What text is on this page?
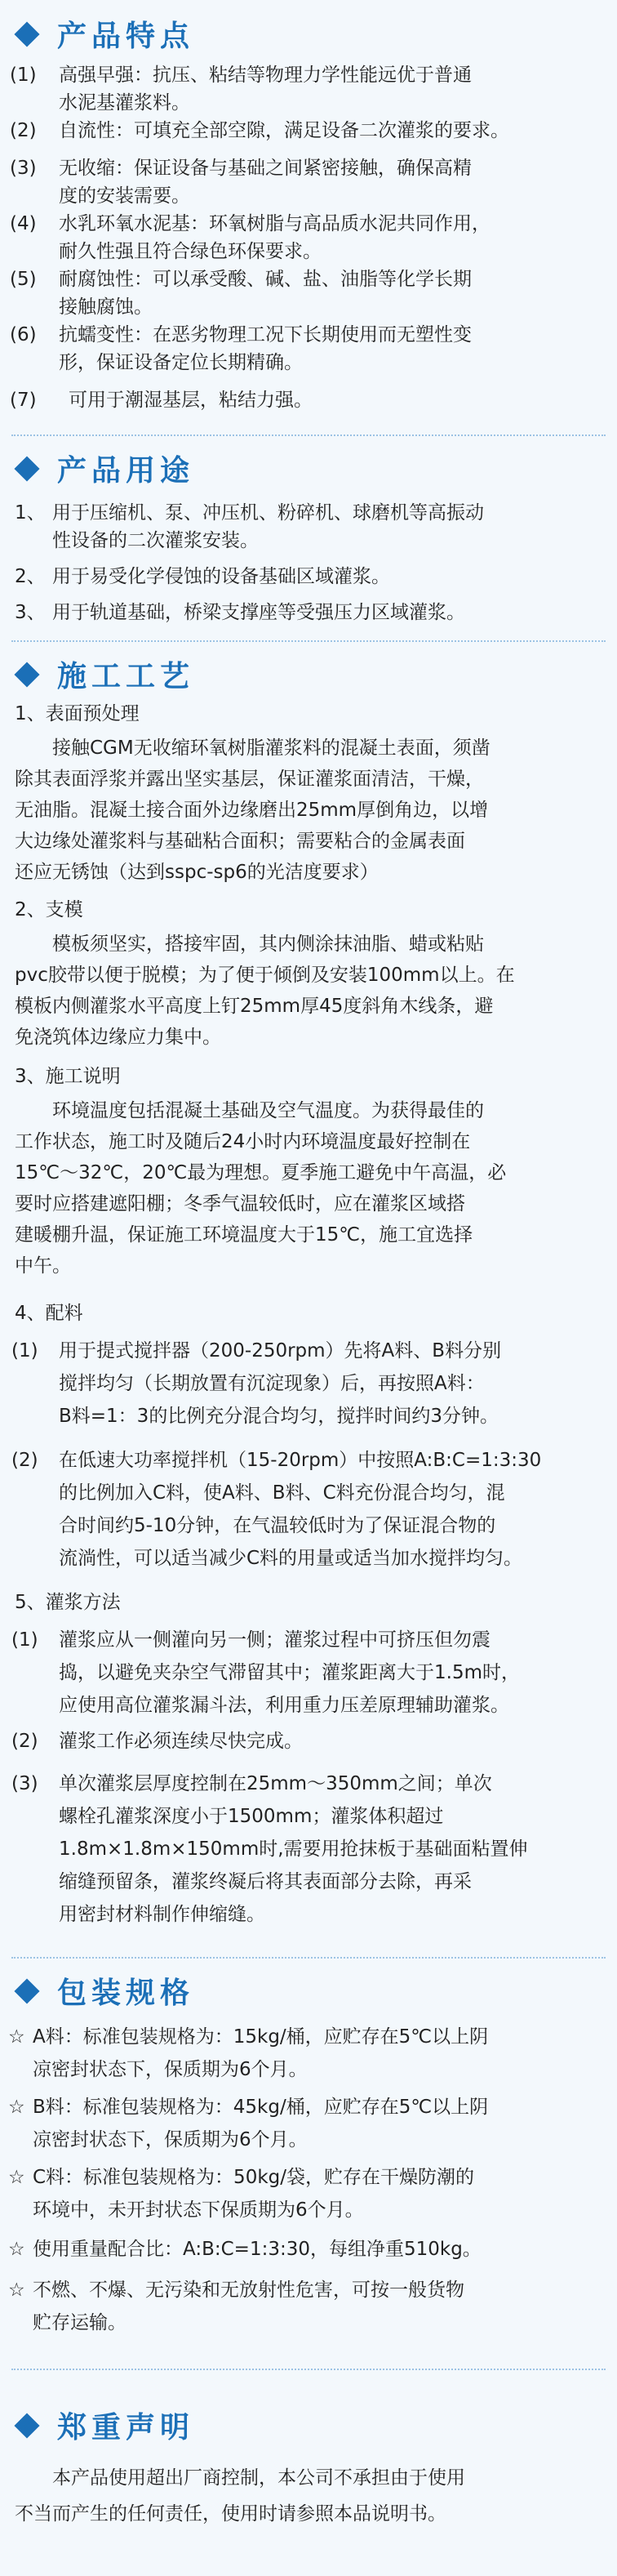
产品特点
(1) 高强早强：抗压、粘结等物理力学性能远优于普通
水泥基灌浆料。
(2) 自流性：可填充全部空隙，满足设备二次灌浆的要求。
(3) 无收缩：保证设备与基础之间紧密接触，确保高精
度的安装需要。
(4) 水乳环氧水泥基：环氧树脂与高品质水泥共同作用，
耐久性强且符合绿色环保要求。
(5) 耐腐蚀性：可以承受酸、碱、盐、油脂等化学长期
接触腐蚀。
(6) 抗蠕变性：在恶劣物理工况下长期使用而无塑性变
形，保证设备定位长期精确。
(7) 可用于潮湿基层，粘结力强。
产品用途
1、 用于压缩机、泵、冲压机、粉碎机、球磨机等高振动
性设备的二次灌浆安装。
2、 用于易受化学侵蚀的设备基础区域灌浆。
3、 用于轨道基础，桥梁支撑座等受强压力区域灌浆。
施工工艺
1、表面预处理
接触CGM无收缩环氧树脂灌浆料的混凝土表面，须凿
除其表面浮浆并露出坚实基层，保证灌浆面清洁，干燥，
无油脂。混凝土接合面外边缘磨出25mm厚倒角边，以增
大边缘处灌浆料与基础粘合面积；需要粘合的金属表面
还应无锈蚀（达到sspc-sp6的光洁度要求）
2、支模
模板须坚实，搭接牢固，其内侧涂抹油脂、蜡或粘贴
pvc胶带以便于脱模；为了便于倾倒及安装100mm以上。在
模板内侧灌浆水平高度上钉25mm厚45度斜角木线条，避
免浇筑体边缘应力集中。
3、施工说明
环境温度包括混凝土基础及空气温度。为获得最佳的
工作状态，施工时及随后24小时内环境温度最好控制在
15℃～32℃，20℃最为理想。夏季施工避免中午高温，必
要时应搭建遮阳棚；冬季气温较低时，应在灌浆区域搭
建暖棚升温，保证施工环境温度大于15℃，施工宜选择
中午。
4、配料
(1) 用于提式搅拌器（200-250rpm）先将A料、B料分别
搅拌均匀（长期放置有沉淀现象）后，再按照A料：
B料=1：3的比例充分混合均匀，搅拌时间约3分钟。
(2) 在低速大功率搅拌机（15-20rpm）中按照A:B:C=1:3:30
的比例加入C料，使A料、B料、C料充份混合均匀，混
合时间约5-10分钟，在气温较低时为了保证混合物的
流淌性，可以适当减少C料的用量或适当加水搅拌均匀。
5、灌浆方法
(1) 灌浆应从一侧灌向另一侧；灌浆过程中可挤压但勿震
捣，以避免夹杂空气滞留其中；灌浆距离大于1.5m时，
应使用高位灌浆漏斗法，利用重力压差原理辅助灌浆。
(2) 灌浆工作必须连续尽快完成。
(3) 单次灌浆层厚度控制在25mm～350mm之间；单次
螺栓孔灌浆深度小于1500mm；灌浆体积超过
1.8m×1.8m×150mm时,需要用抢抹板于基础面粘置伸
缩缝预留条，灌浆终凝后将其表面部分去除，再采
用密封材料制作伸缩缝。
包装规格
☆ A料：标准包装规格为：15kg/桶，应贮存在5℃以上阴
凉密封状态下，保质期为6个月。
☆ B料：标准包装规格为：45kg/桶，应贮存在5℃以上阴
凉密封状态下，保质期为6个月。
☆ C料：标准包装规格为：50kg/袋，贮存在干燥防潮的
环境中，未开封状态下保质期为6个月。
☆ 使用重量配合比：A:B:C=1:3:30，每组净重510kg。
☆ 不燃、不爆、无污染和无放射性危害，可按一般货物
贮存运输。
郑重声明
本产品使用超出厂商控制，本公司不承担由于使用
不当而产生的任何责任，使用时请参照本品说明书。
